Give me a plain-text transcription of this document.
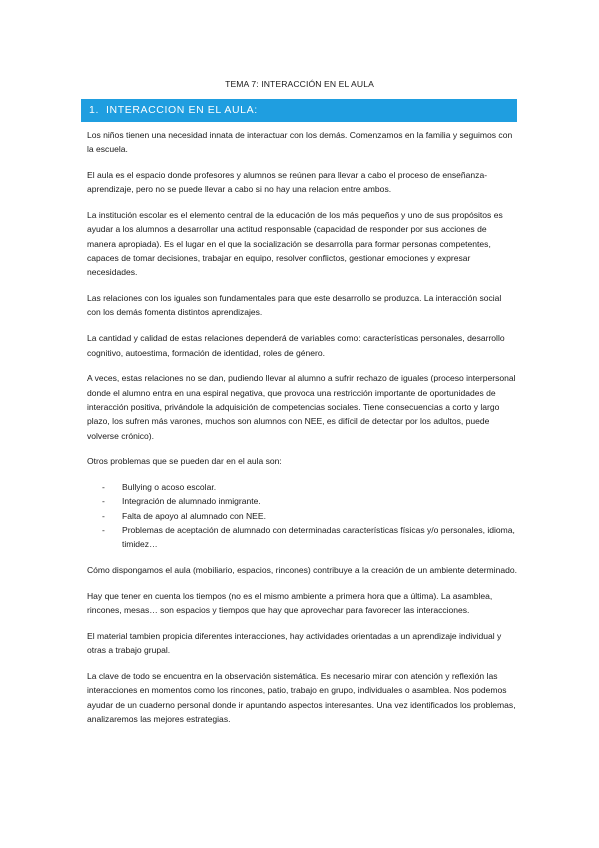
TEMA 7: INTERACCIÓN EN EL AULA
1. INTERACCION EN EL AULA:

Los niños tienen una necesidad innata de interactuar con los demás. Comenzamos en la familia y seguimos con la escuela.

El aula es el espacio donde profesores y alumnos se reúnen para llevar a cabo el proceso de enseñanza-aprendizaje, pero no se puede llevar a cabo si no hay una relacion entre ambos.

La institución escolar es el elemento central de la educación de los más pequeños y uno de sus propósitos es ayudar a los alumnos a desarrollar una actitud responsable (capacidad de responder por sus acciones de manera apropiada). Es el lugar en el que la socialización se desarrolla para formar personas competentes, capaces de tomar decisiones, trabajar en equipo, resolver conflictos, gestionar emociones y expresar necesidades.

Las relaciones con los iguales son fundamentales para que este desarrollo se produzca. La interacción social con los demás fomenta distintos aprendizajes.

La cantidad y calidad de estas relaciones dependerá de variables como: características personales, desarrollo cognitivo, autoestima, formación de identidad, roles de género.

A veces, estas relaciones no se dan, pudiendo llevar al alumno a sufrir rechazo de iguales (proceso interpersonal donde el alumno entra en una espiral negativa, que provoca una restricción importante de oportunidades de interacción positiva, privándole la adquisición de competencias sociales. Tiene consecuencias a corto y largo plazo, los sufren más varones, muchos son alumnos con NEE, es difícil de detectar por los adultos, puede volverse crónico).

Otros problemas que se pueden dar en el aula son:

- Bullying o acoso escolar.
- Integración de alumnado inmigrante.
- Falta de apoyo al alumnado con NEE.
- Problemas de aceptación de alumnado con determinadas características físicas y/o personales, idioma, timidez…

Cómo dispongamos el aula (mobiliario, espacios, rincones) contribuye a la creación de un ambiente determinado.

Hay que tener en cuenta los tiempos (no es el mismo ambiente a primera hora que a última). La asamblea, rincones, mesas… son espacios y tiempos que hay que aprovechar para favorecer las interacciones.

El material tambien propicia diferentes interacciones, hay actividades orientadas a un aprendizaje individual y otras a trabajo grupal.

La clave de todo se encuentra en la observación sistemática. Es necesario mirar con atención y reflexión las interacciones en momentos como los rincones, patio, trabajo en grupo, individuales o asamblea. Nos podemos ayudar de un cuaderno personal donde ir apuntando aspectos interesantes. Una vez identificados los problemas, analizaremos las mejores estrategias.
